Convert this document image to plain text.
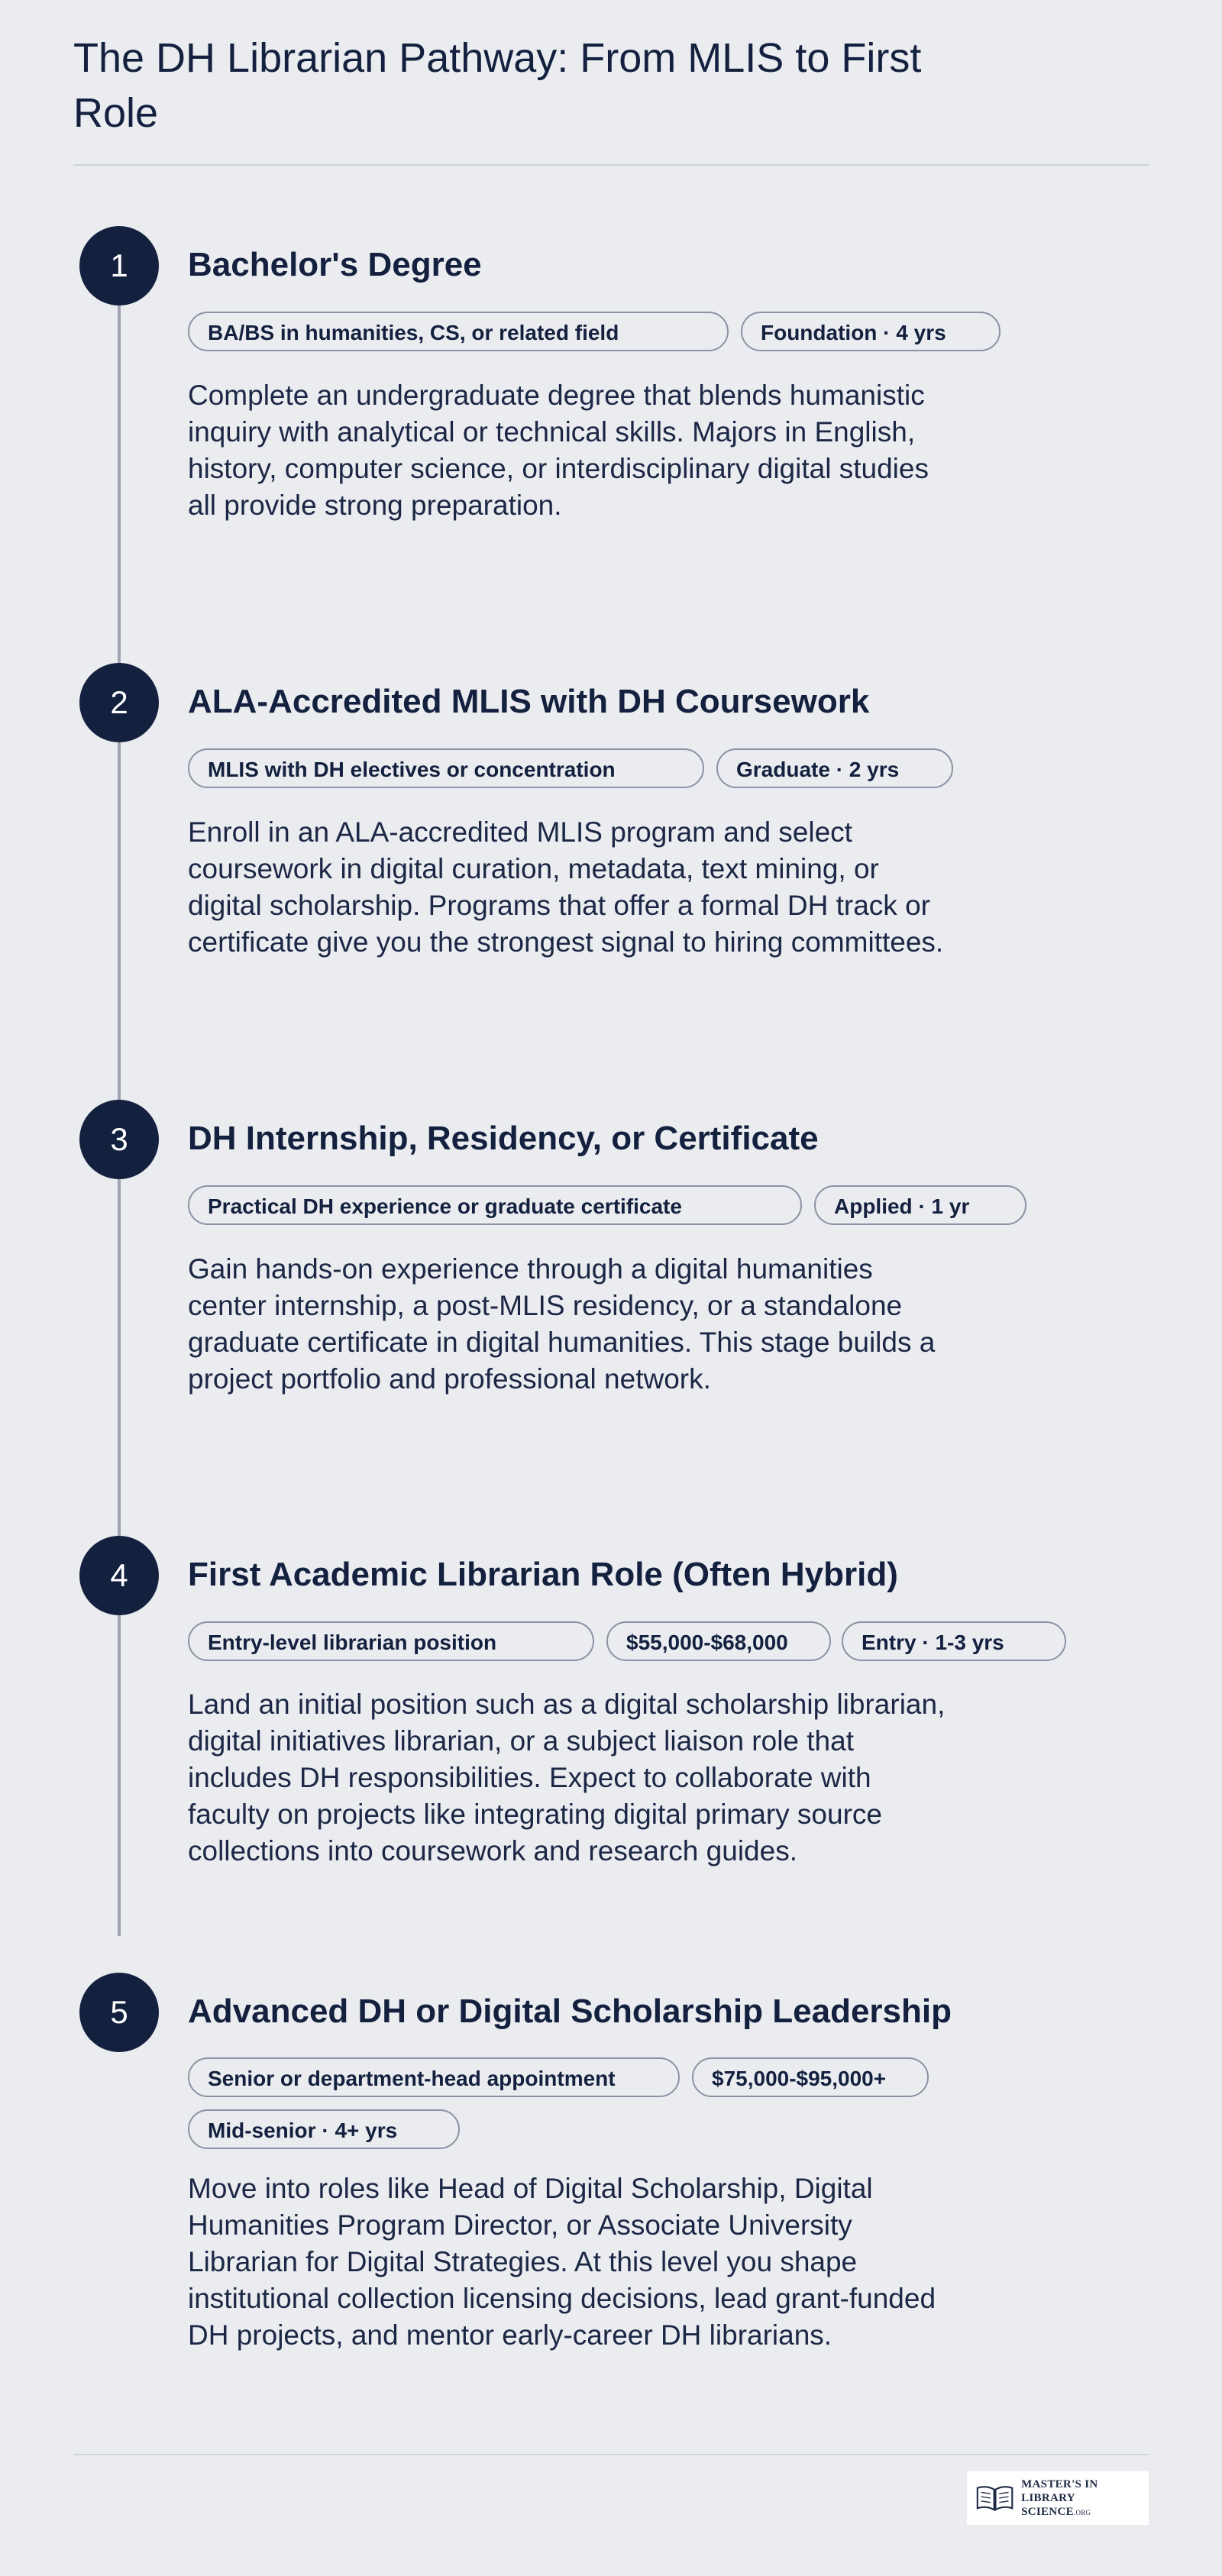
The DH Librarian Pathway: From MLIS to First Role
1	Bachelor's Degree
BA/BS in humanities, CS, or related field	Foundation · 4 yrs

Complete an undergraduate degree that blends humanistic inquiry with analytical or technical skills. Majors in English, history, computer science, or interdisciplinary digital studies all provide strong preparation.

2	ALA-Accredited MLIS with DH Coursework
MLIS with DH electives or concentration	Graduate · 2 yrs

Enroll in an ALA-accredited MLIS program and select coursework in digital curation, metadata, text mining, or digital scholarship. Programs that offer a formal DH track or certificate give you the strongest signal to hiring committees.

3	DH Internship, Residency, or Certificate
Practical DH experience or graduate certificate	Applied · 1 yr

Gain hands-on experience through a digital humanities center internship, a post-MLIS residency, or a standalone graduate certificate in digital humanities. This stage builds a project portfolio and professional network.

4	First Academic Librarian Role (Often Hybrid)
Entry-level librarian position	$55,000-$68,000	Entry · 1-3 yrs

Land an initial position such as a digital scholarship librarian, digital initiatives librarian, or a subject liaison role that includes DH responsibilities. Expect to collaborate with faculty on projects like integrating digital primary source collections into coursework and research guides.

5	Advanced DH or Digital Scholarship Leadership
Senior or department-head appointment	$75,000-$95,000+
Mid-senior · 4+ yrs

Move into roles like Head of Digital Scholarship, Digital Humanities Program Director, or Associate University Librarian for Digital Strategies. At this level you shape institutional collection licensing decisions, lead grant-funded DH projects, and mentor early-career DH librarians.

MASTER'S IN
LIBRARY SCIENCE.ORG
